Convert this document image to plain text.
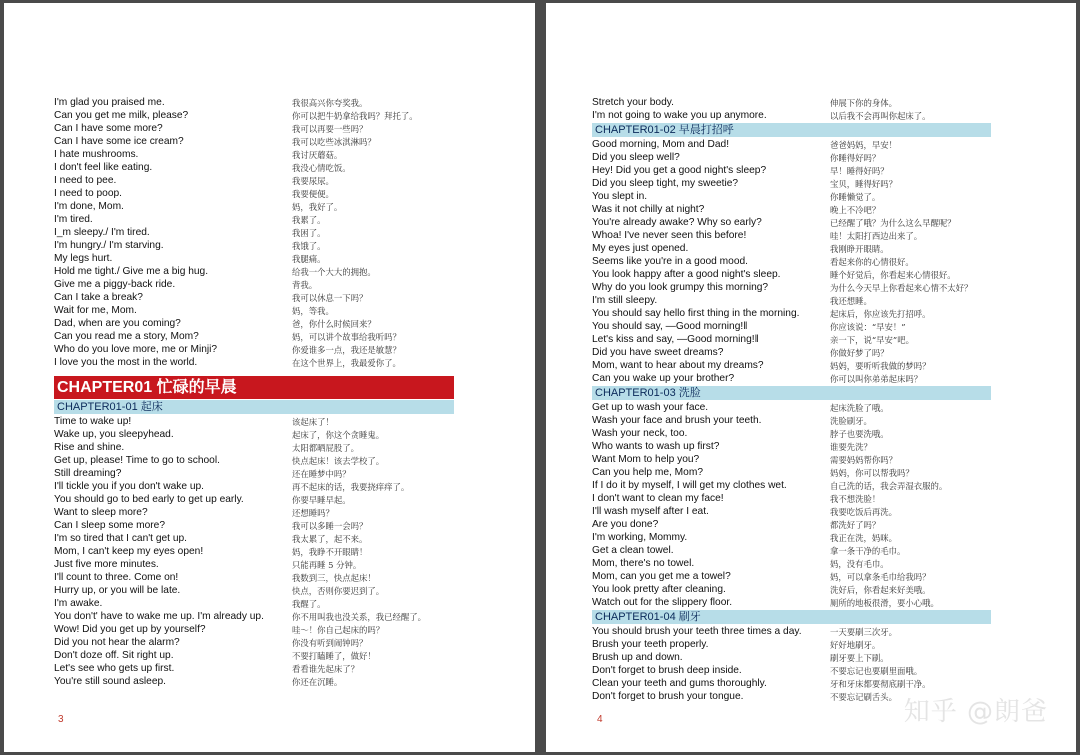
I'm glad you praised me.	我很高兴你夸奖我。
Can you get me milk, please?	你可以把牛奶拿给我吗？拜托了。
Can I have some more?	我可以再要一些吗？
Can I have some ice cream?	我可以吃些冰淇淋吗？
I hate mushrooms.	我讨厌蘑菇。
I don't feel like eating.	我没心情吃饭。
I need to pee.	我要尿尿。
I need to poop.	我要便便。
I'm done, Mom.	妈，我好了。
I'm tired.	我累了。
I_m sleepy./ I'm tired.	我困了。
I'm hungry./ I'm starving.	我饿了。
My legs hurt.	我腿痛。
Hold me tight./ Give me a big hug.	给我一个大大的拥抱。
Give me a piggy-back ride.	背我。
Can I take a break?	我可以休息一下吗？
Wait for me, Mom.	妈，等我。
Dad, when are you coming?	爸，你什么时候回来？
Can you read me a story, Mom?	妈，可以讲个故事给我听吗？
Who do you love more, me or Minji?	你爱谁多一点，我还是敏慧？
I love you the most in the world.	在这个世界上，我最爱你了。
CHAPTER01 忙碌的早晨
CHAPTER01-01 起床
Time to wake up!	该起床了！
Wake up, you sleepyhead.	起床了，你这个贪睡鬼。
Rise and shine.	太阳都晒屁股了。
Get up, please! Time to go to school.	快点起床！该去学校了。
Still dreaming?	还在睡梦中吗？
I'll tickle you if you don't wake up.	再不起床的话，我要挠痒痒了。
You should go to bed early to get up early.	你要早睡早起。
Want to sleep more?	还想睡吗？
Can I sleep some more?	我可以多睡一会吗？
I'm so tired that I can't get up.	我太累了，起不来。
Mom, I can't keep my eyes open!	妈，我睁不开眼睛！
Just five more minutes.	只能再睡 5 分钟。
I'll count to three. Come on!	我数到三，快点起床！
Hurry up, or you will be late.	快点，否则你要迟到了。
I'm awake.	我醒了。
You don't' have to wake me up. I'm already up.	你不用叫我也没关系，我已经醒了。
Wow! Did you get up by yourself?	哇～！你自己起床的吗？
Did you not hear the alarm?	你没有听到闹钟吗？
Don't doze off. Sit right up.	不要打瞌睡了，做好！
Let's see who gets up first.	看看谁先起床了？
You're still sound asleep.	你还在沉睡。
3
Stretch your body.	伸展下你的身体。
I'm not going to wake you up anymore.	以后我不会再叫你起床了。
CHAPTER01-02 早晨打招呼
Good morning, Mom and Dad!	爸爸妈妈，早安！
Did you sleep well?	你睡得好吗？
Hey! Did you get a good night's sleep?	早！睡得好吗？
Did you sleep tight, my sweetie?	宝贝，睡得好吗？
You slept in.	你睡懒觉了。
Was it not chilly at night?	晚上不冷吧？
You're already awake? Why so early?	已经醒了哦？为什么这么早醒呢？
Whoa! I've never seen this before!	哇！太阳打西边出来了。
My eyes just opened.	我刚睁开眼睛。
Seems like you're in a good mood.	看起来你的心情很好。
You look happy after a good night's sleep.	睡个好觉后，你看起来心情很好。
Why do you look grumpy this morning?	为什么今天早上你看起来心情不太好？
I'm still sleepy.	我还想睡。
You should say hello first thing in the morning.	起床后，你应该先打招呼。
You should say, ―Good morning!‖	你应该说：“早安！”
Let's kiss and say, ―Good morning!‖	亲一下，说“早安”吧。
Did you have sweet dreams?	你做好梦了吗？
Mom, want to hear about my dreams?	妈妈，要听听我做的梦吗？
Can you wake up your brother?	你可以叫你弟弟起床吗？
CHAPTER01-03 洗脸
Get up to wash your face.	起床洗脸了哦。
Wash your face and brush your teeth.	洗脸刷牙。
Wash your neck, too.	脖子也要洗哦。
Who wants to wash up first?	谁要先洗？
Want Mom to help you?	需要妈妈帮你吗？
Can you help me, Mom?	妈妈，你可以帮我吗？
If I do it by myself, I will get my clothes wet.	自己洗的话，我会弄湿衣服的。
I don't want to clean my face!	我不想洗脸！
I'll wash myself after I eat.	我要吃饭后再洗。
Are you done?	都洗好了吗？
I'm working, Mommy.	我正在洗，妈咪。
Get a clean towel.	拿一条干净的毛巾。
Mom, there's no towel.	妈，没有毛巾。
Mom, can you get me a towel?	妈，可以拿条毛巾给我吗？
You look pretty after cleaning.	洗好后，你看起来好美哦。
Watch out for the slippery floor.	厕所的地板很滑，要小心哦。
CHAPTER01-04 刷牙
You should brush your teeth three times a day.	一天要刷三次牙。
Brush your teeth properly.	好好地刷牙。
Brush up and down.	刷牙要上下刷。
Don't forget to brush deep inside.	不要忘记也要刷里面哦。
Clean your teeth and gums thoroughly.	牙和牙床都要彻底刷干净。
Don't forget to brush your tongue.	不要忘记刷舌头。
4	知乎 @朗爸
